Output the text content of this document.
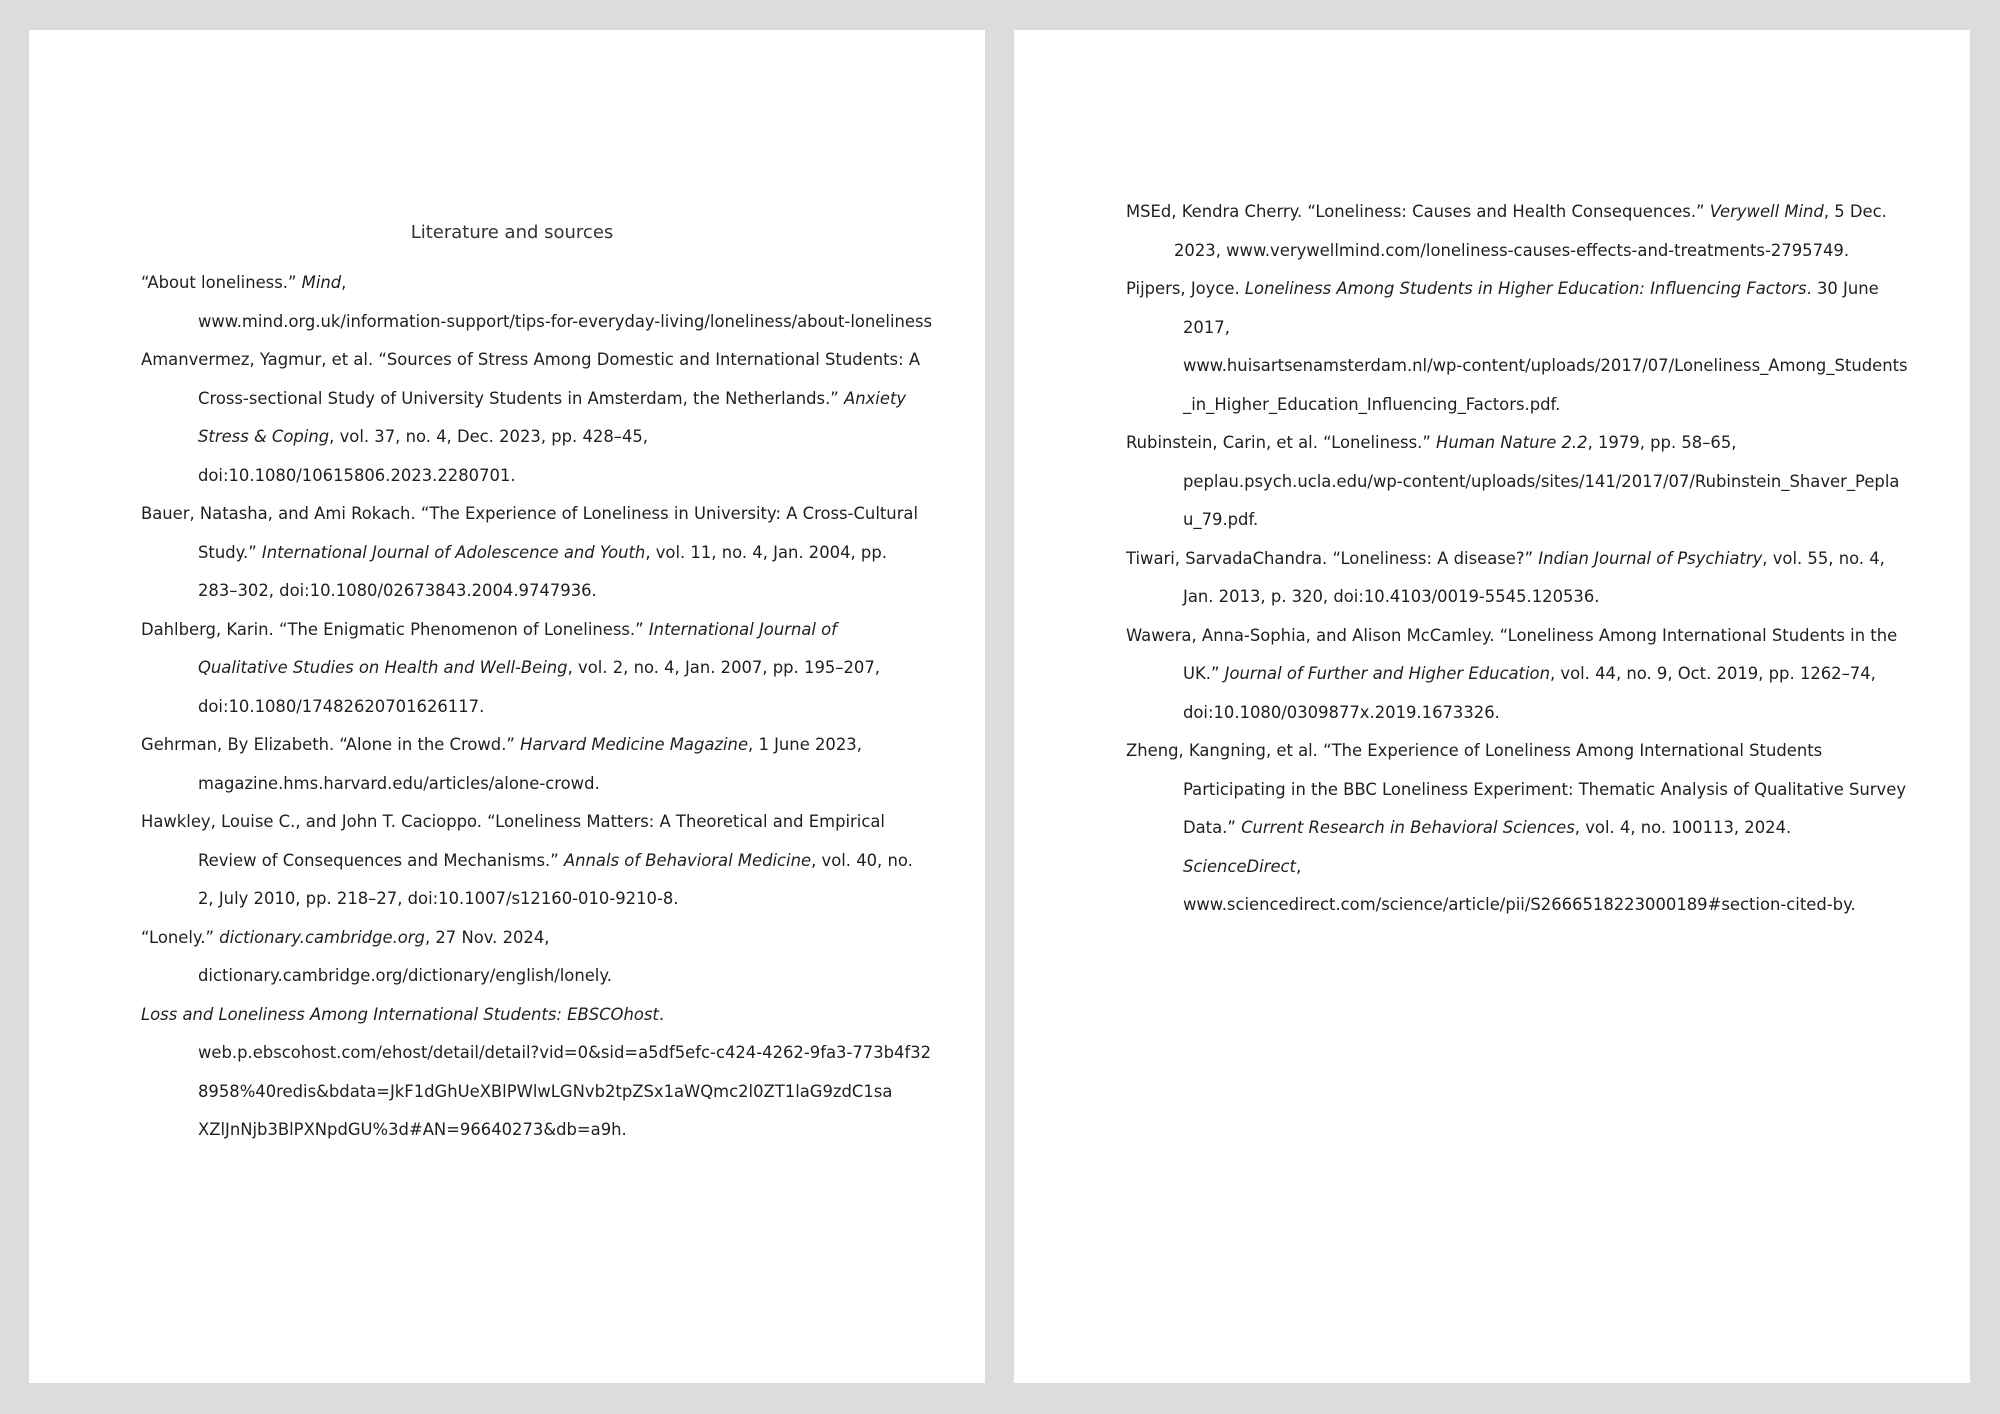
Literature and sources

“About loneliness.” Mind,
www.mind.org.uk/information-support/tips-for-everyday-living/loneliness/about-loneliness

Amanvermez, Yagmur, et al. “Sources of Stress Among Domestic and International Students: A
Cross-sectional Study of University Students in Amsterdam, the Netherlands.” Anxiety
Stress & Coping, vol. 37, no. 4, Dec. 2023, pp. 428–45,
doi:10.1080/10615806.2023.2280701.

Bauer, Natasha, and Ami Rokach. “The Experience of Loneliness in University: A Cross-Cultural
Study.” International Journal of Adolescence and Youth, vol. 11, no. 4, Jan. 2004, pp.
283–302, doi:10.1080/02673843.2004.9747936.

Dahlberg, Karin. “The Enigmatic Phenomenon of Loneliness.” International Journal of
Qualitative Studies on Health and Well-Being, vol. 2, no. 4, Jan. 2007, pp. 195–207,
doi:10.1080/17482620701626117.

Gehrman, By Elizabeth. “Alone in the Crowd.” Harvard Medicine Magazine, 1 June 2023,
magazine.hms.harvard.edu/articles/alone-crowd.

Hawkley, Louise C., and John T. Cacioppo. “Loneliness Matters: A Theoretical and Empirical
Review of Consequences and Mechanisms.” Annals of Behavioral Medicine, vol. 40, no.
2, July 2010, pp. 218–27, doi:10.1007/s12160-010-9210-8.

“Lonely.” dictionary.cambridge.org, 27 Nov. 2024,
dictionary.cambridge.org/dictionary/english/lonely.

Loss and Loneliness Among International Students: EBSCOhost.
web.p.ebscohost.com/ehost/detail/detail?vid=0&sid=a5df5efc-c424-4262-9fa3-773b4f32
8958%40redis&bdata=JkF1dGhUeXBlPWlwLGNvb2tpZSx1aWQmc2l0ZT1laG9zdC1sa
XZlJnNjb3BlPXNpdGU%3d#AN=96640273&db=a9h.

MSEd, Kendra Cherry. “Loneliness: Causes and Health Consequences.” Verywell Mind, 5 Dec.
2023, www.verywellmind.com/loneliness-causes-effects-and-treatments-2795749.

Pijpers, Joyce. Loneliness Among Students in Higher Education: Influencing Factors. 30 June
2017,
www.huisartsenamsterdam.nl/wp-content/uploads/2017/07/Loneliness_Among_Students
_in_Higher_Education_Influencing_Factors.pdf.

Rubinstein, Carin, et al. “Loneliness.” Human Nature 2.2, 1979, pp. 58–65,
peplau.psych.ucla.edu/wp-content/uploads/sites/141/2017/07/Rubinstein_Shaver_Pepla
u_79.pdf.

Tiwari, SarvadaChandra. “Loneliness: A disease?” Indian Journal of Psychiatry, vol. 55, no. 4,
Jan. 2013, p. 320, doi:10.4103/0019-5545.120536.

Wawera, Anna-Sophia, and Alison McCamley. “Loneliness Among International Students in the
UK.” Journal of Further and Higher Education, vol. 44, no. 9, Oct. 2019, pp. 1262–74,
doi:10.1080/0309877x.2019.1673326.

Zheng, Kangning, et al. “The Experience of Loneliness Among International Students
Participating in the BBC Loneliness Experiment: Thematic Analysis of Qualitative Survey
Data.” Current Research in Behavioral Sciences, vol. 4, no. 100113, 2024.
ScienceDirect,
www.sciencedirect.com/science/article/pii/S2666518223000189#section-cited-by.
